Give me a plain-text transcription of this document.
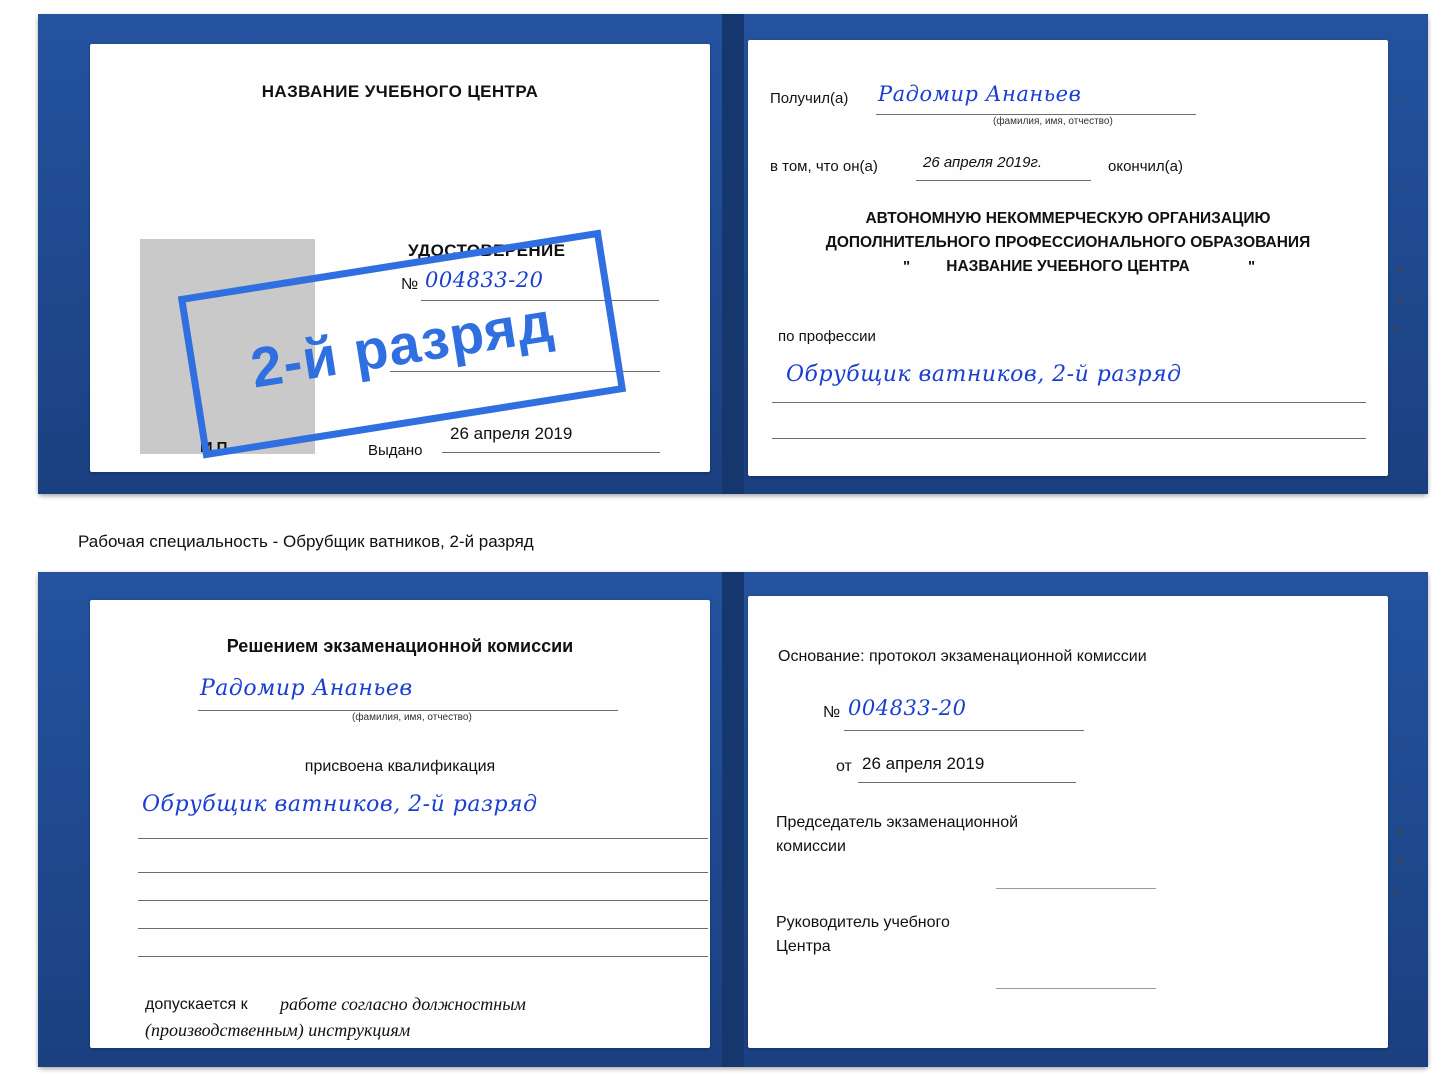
НАЗВАНИЕ УЧЕБНОГО ЦЕНТРА
УДОСТОВЕРЕНИЕ
№ 004833-20
Выдано
26 апреля 2019
М.П.
Получил(а) Радомир Ананьев
(фамилия, имя, отчество)
в том, что он(а)	26 апреля 2019г.	окончил(а)
АВТОНОМНУЮ НЕКОММЕРЧЕСКУЮ ОРГАНИЗАЦИЮ
ДОПОЛНИТЕЛЬНОГО ПРОФЕССИОНАЛЬНОГО ОБРАЗОВАНИЯ
"	НАЗВАНИЕ УЧЕБНОГО ЦЕНТРА	"
по профессии
Обрубщик ватников, 2-й разряд
–
–
–
и
а
к-
2-й разряд
Рабочая специальность - Обрубщик ватников, 2-й разряд
Решением экзаменационной комиссии
Радомир Ананьев
(фамилия, имя, отчество)
присвоена квалификация
Обрубщик ватников, 2-й разряд
допускается к работе согласно должностным
(производственным) инструкциям
Основание: протокол экзаменационной комиссии
№ 004833-20
от 26 апреля 2019
Председатель экзаменационной
комиссии
Руководитель учебного
Центра
–
–
и
а
к-
